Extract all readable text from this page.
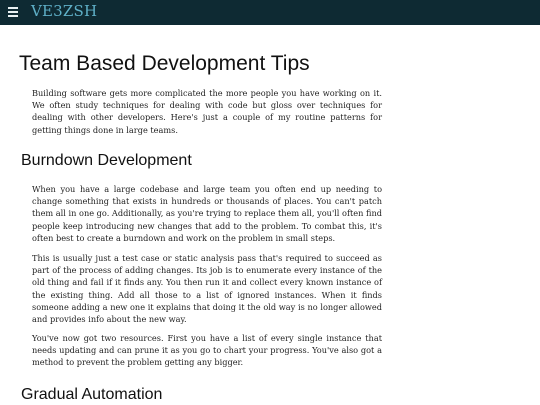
VE3ZSH
Team Based Development Tips

Building software gets more complicated the more people you have working on it. We often study techniques for dealing with code but gloss over techniques for dealing with other developers. Here's just a couple of my routine patterns for getting things done in large teams.

Burndown Development

When you have a large codebase and large team you often end up needing to change something that exists in hundreds or thousands of places. You can't patch them all in one go. Additionally, as you're trying to replace them all, you'll often find people keep introducing new changes that add to the problem. To combat this, it's often best to create a burndown and work on the problem in small steps.

This is usually just a test case or static analysis pass that's required to succeed as part of the process of adding changes. Its job is to enumerate every instance of the old thing and fail if it finds any. You then run it and collect every known instance of the existing thing. Add all those to a list of ignored instances. When it finds someone adding a new one it explains that doing it the old way is no longer allowed and provides info about the new way.

You've now got two resources. First you have a list of every single instance that needs updating and can prune it as you go to chart your progress. You've also got a method to prevent the problem getting any bigger.

Gradual Automation
